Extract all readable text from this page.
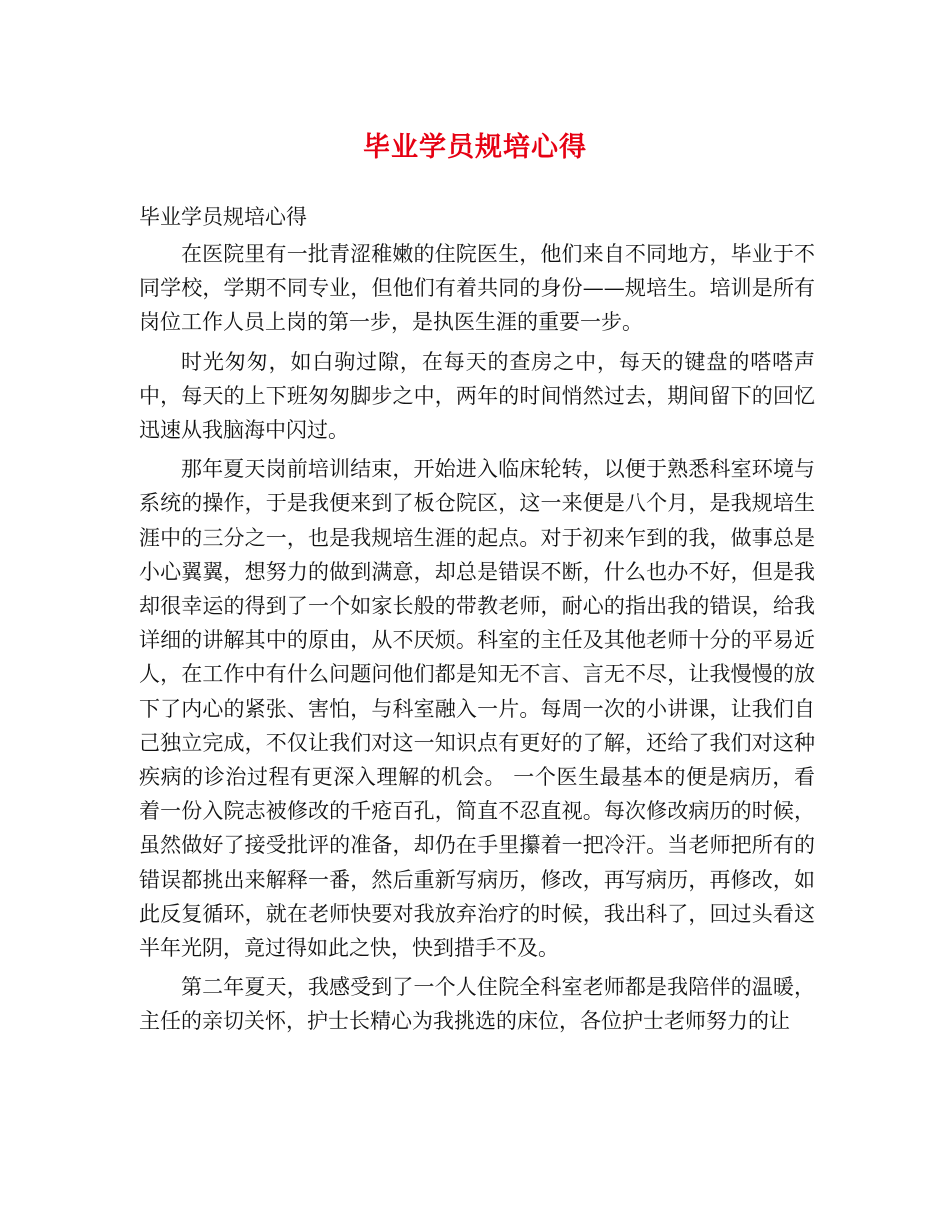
毕业学员规培心得
毕业学员规培心得

在医院里有一批青涩稚嫩的住院医生，他们来自不同地方，毕业于不同学校，学期不同专业，但他们有着共同的身份——规培生。培训是所有岗位工作人员上岗的第一步，是执医生涯的重要一步。

时光匆匆，如白驹过隙，在每天的查房之中，每天的键盘的嗒嗒声中，每天的上下班匆匆脚步之中，两年的时间悄然过去，期间留下的回忆迅速从我脑海中闪过。

那年夏天岗前培训结束，开始进入临床轮转，以便于熟悉科室环境与系统的操作，于是我便来到了板仓院区，这一来便是八个月，是我规培生涯中的三分之一，也是我规培生涯的起点。对于初来乍到的我，做事总是小心翼翼，想努力的做到满意，却总是错误不断，什么也办不好，但是我却很幸运的得到了一个如家长般的带教老师，耐心的指出我的错误，给我详细的讲解其中的原由，从不厌烦。科室的主任及其他老师十分的平易近人，在工作中有什么问题问他们都是知无不言、言无不尽，让我慢慢的放下了内心的紧张、害怕，与科室融入一片。每周一次的小讲课，让我们自己独立完成，不仅让我们对这一知识点有更好的了解，还给了我们对这种疾病的诊治过程有更深入理解的机会。 一个医生最基本的便是病历，看着一份入院志被修改的千疮百孔，简直不忍直视。每次修改病历的时候，虽然做好了接受批评的准备，却仍在手里攥着一把冷汗。当老师把所有的错误都挑出来解释一番，然后重新写病历，修改，再写病历，再修改，如此反复循环，就在老师快要对我放弃治疗的时候，我出科了，回过头看这半年光阴，竟过得如此之快，快到措手不及。

第二年夏天，我感受到了一个人住院全科室老师都是我陪伴的温暖，主任的亲切关怀，护士长精心为我挑选的床位，各位护士老师努力的让
